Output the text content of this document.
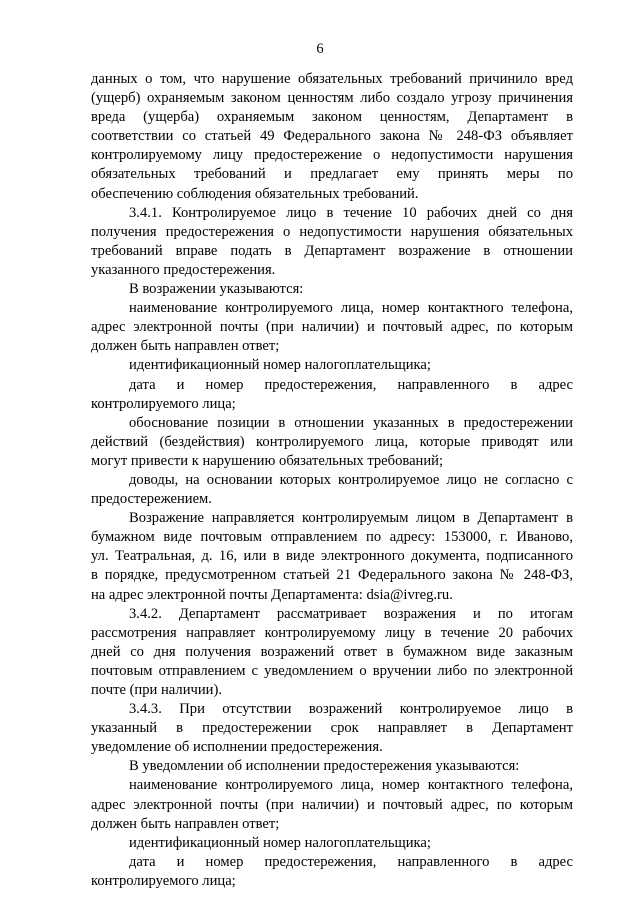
6
данных о том, что нарушение обязательных требований причинило вред
(ущерб) охраняемым законом ценностям либо создало угрозу причинения
вреда (ущерба) охраняемым законом ценностям, Департамент в
соответствии со статьей 49 Федерального закона № 248-ФЗ объявляет
контролируемому лицу предостережение о недопустимости нарушения
обязательных требований и предлагает ему принять меры по
обеспечению соблюдения обязательных требований.
3.4.1. Контролируемое лицо в течение 10 рабочих дней со дня
получения предостережения о недопустимости нарушения обязательных
требований вправе подать в Департамент возражение в отношении
указанного предостережения.
В возражении указываются:
наименование контролируемого лица, номер контактного телефона,
адрес электронной почты (при наличии) и почтовый адрес, по которым
должен быть направлен ответ;
идентификационный номер налогоплательщика;
дата и номер предостережения, направленного в адрес
контролируемого лица;
обоснование позиции в отношении указанных в предостережении
действий (бездействия) контролируемого лица, которые приводят или
могут привести к нарушению обязательных требований;
доводы, на основании которых контролируемое лицо не согласно с
предостережением.
Возражение направляется контролируемым лицом в Департамент в
бумажном виде почтовым отправлением по адресу: 153000, г. Иваново,
ул. Театральная, д. 16, или в виде электронного документа, подписанного
в порядке, предусмотренном статьей 21 Федерального закона № 248-ФЗ,
на адрес электронной почты Департамента: dsia@ivreg.ru.
3.4.2. Департамент рассматривает возражения и по итогам
рассмотрения направляет контролируемому лицу в течение 20 рабочих
дней со дня получения возражений ответ в бумажном виде заказным
почтовым отправлением с уведомлением о вручении либо по электронной
почте (при наличии).
3.4.3. При отсутствии возражений контролируемое лицо в
указанный в предостережении срок направляет в Департамент
уведомление об исполнении предостережения.
В уведомлении об исполнении предостережения указываются:
наименование контролируемого лица, номер контактного телефона,
адрес электронной почты (при наличии) и почтовый адрес, по которым
должен быть направлен ответ;
идентификационный номер налогоплательщика;
дата и номер предостережения, направленного в адрес
контролируемого лица;
